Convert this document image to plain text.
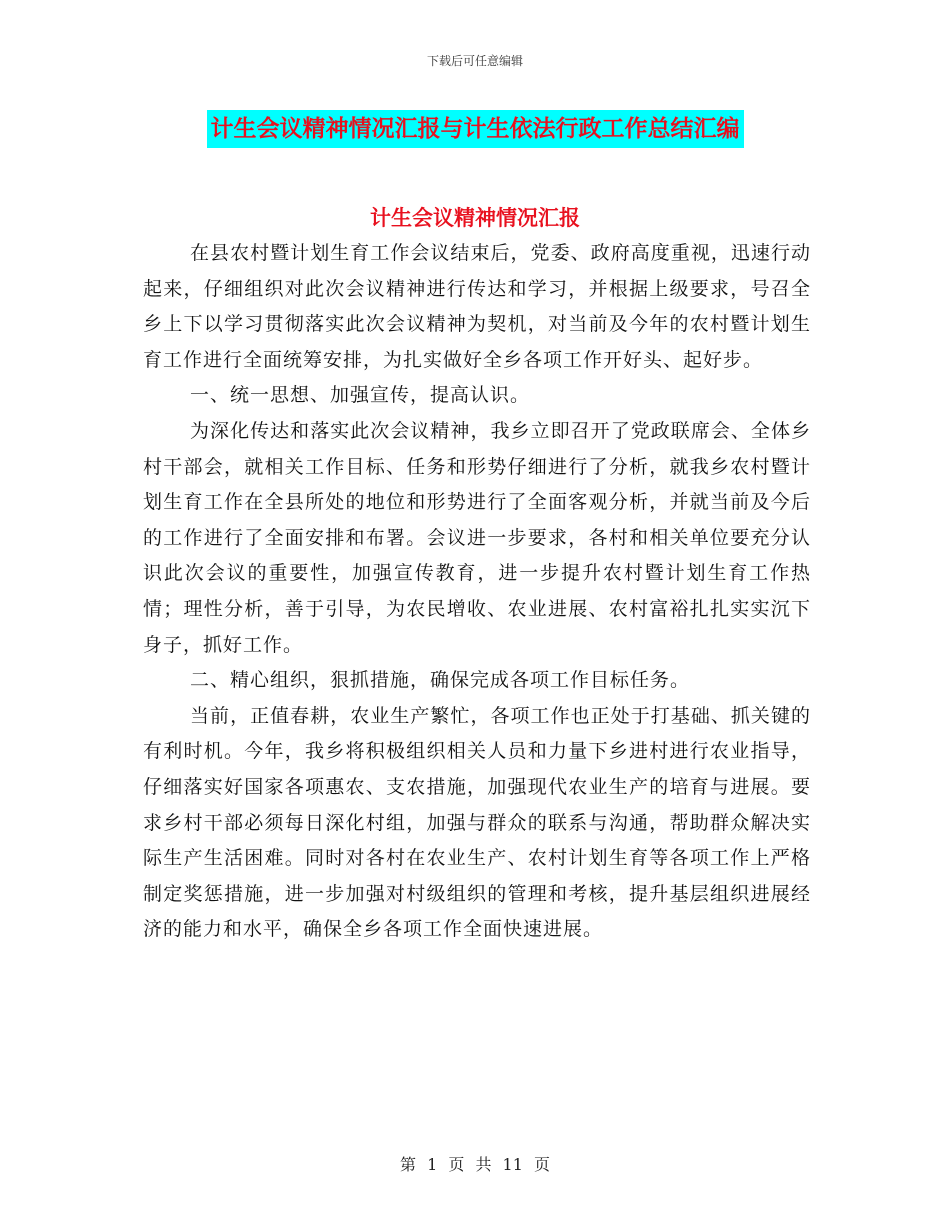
下载后可任意编辑
计生会议精神情况汇报与计生依法行政工作总结汇编
计生会议精神情况汇报

在县农村暨计划生育工作会议结束后，党委、政府高度重视，迅速行动起来，仔细组织对此次会议精神进行传达和学习，并根据上级要求，号召全乡上下以学习贯彻落实此次会议精神为契机，对当前及今年的农村暨计划生育工作进行全面统筹安排，为扎实做好全乡各项工作开好头、起好步。

一、统一思想、加强宣传，提高认识。

为深化传达和落实此次会议精神，我乡立即召开了党政联席会、全体乡村干部会，就相关工作目标、任务和形势仔细进行了分析，就我乡农村暨计划生育工作在全县所处的地位和形势进行了全面客观分析，并就当前及今后的工作进行了全面安排和布署。会议进一步要求，各村和相关单位要充分认识此次会议的重要性，加强宣传教育，进一步提升农村暨计划生育工作热情；理性分析，善于引导，为农民增收、农业进展、农村富裕扎扎实实沉下身子，抓好工作。

二、精心组织，狠抓措施，确保完成各项工作目标任务。

当前，正值春耕，农业生产繁忙，各项工作也正处于打基础、抓关键的有利时机。今年，我乡将积极组织相关人员和力量下乡进村进行农业指导，仔细落实好国家各项惠农、支农措施，加强现代农业生产的培育与进展。要求乡村干部必须每日深化村组，加强与群众的联系与沟通，帮助群众解决实际生产生活困难。同时对各村在农业生产、农村计划生育等各项工作上严格制定奖惩措施，进一步加强对村级组织的管理和考核，提升基层组织进展经济的能力和水平，确保全乡各项工作全面快速进展。

第 1 页 共 11 页
